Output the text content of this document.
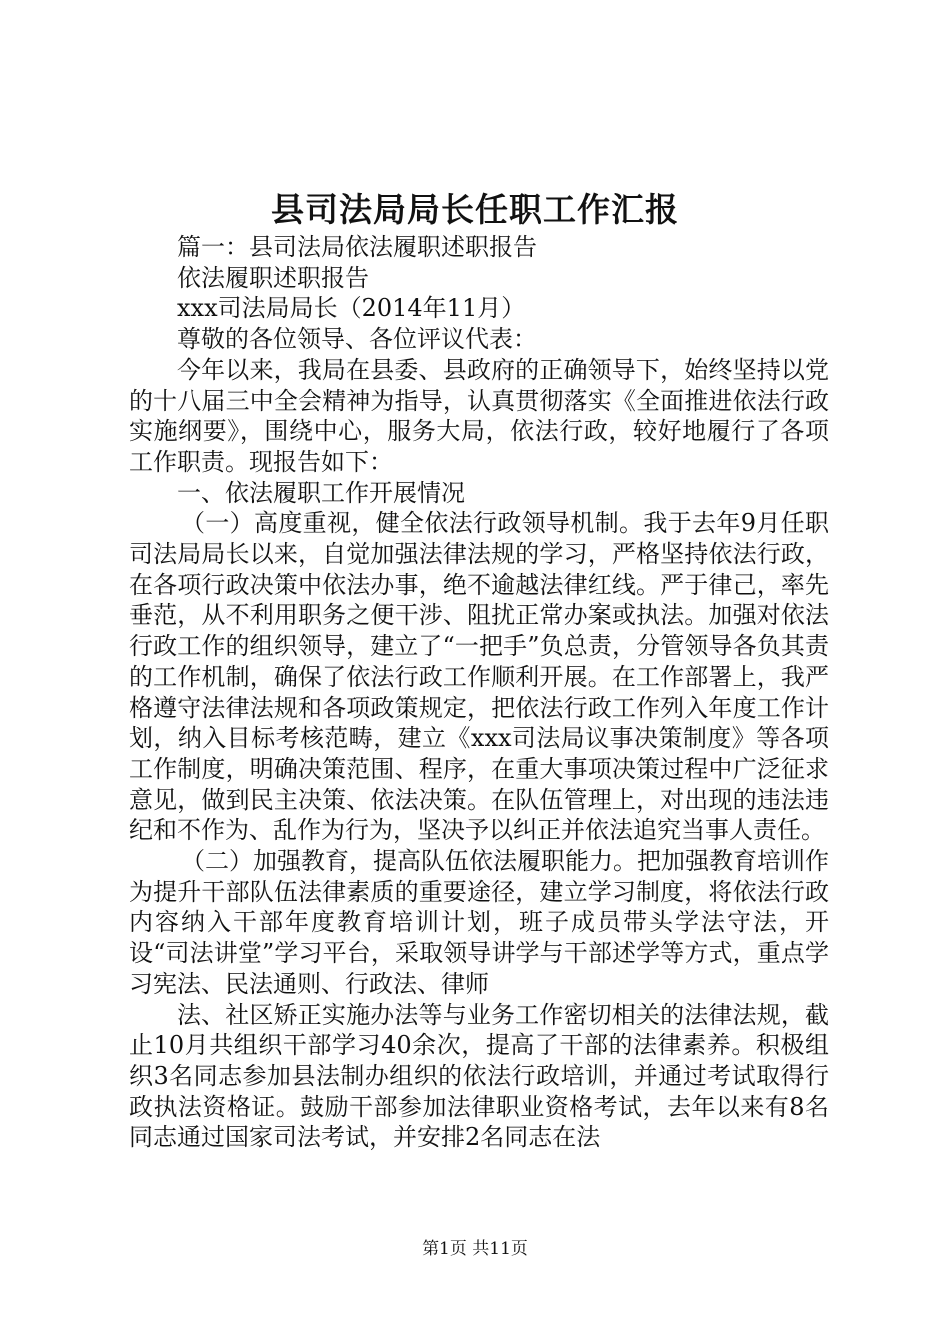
县司法局局长任职工作汇报

篇一：县司法局依法履职述职报告

依法履职述职报告

xxx司法局局长（2014年11月）

尊敬的各位领导、各位评议代表：

今年以来，我局在县委、县政府的正确领导下，始终坚持以党的十八届三中全会精神为指导，认真贯彻落实《全面推进依法行政实施纲要》，围绕中心，服务大局，依法行政，较好地履行了各项工作职责。现报告如下：

一、依法履职工作开展情况

（一）高度重视，健全依法行政领导机制。我于去年9月任职司法局局长以来，自觉加强法律法规的学习，严格坚持依法行政，在各项行政决策中依法办事，绝不逾越法律红线。严于律己，率先垂范，从不利用职务之便干涉、阻扰正常办案或执法。加强对依法行政工作的组织领导，建立了“一把手”负总责，分管领导各负其责的工作机制，确保了依法行政工作顺利开展。在工作部署上，我严格遵守法律法规和各项政策规定，把依法行政工作列入年度工作计划，纳入目标考核范畴，建立《xxx司法局议事决策制度》等各项工作制度，明确决策范围、程序，在重大事项决策过程中广泛征求意见，做到民主决策、依法决策。在队伍管理上，对出现的违法违纪和不作为、乱作为行为，坚决予以纠正并依法追究当事人责任。

（二）加强教育，提高队伍依法履职能力。把加强教育培训作为提升干部队伍法律素质的重要途径，建立学习制度，将依法行政内容纳入干部年度教育培训计划，班子成员带头学法守法，开设“司法讲堂”学习平台，采取领导讲学与干部述学等方式，重点学习宪法、民法通则、行政法、律师

法、社区矫正实施办法等与业务工作密切相关的法律法规，截止10月共组织干部学习40余次，提高了干部的法律素养。积极组织3名同志参加县法制办组织的依法行政培训，并通过考试取得行政执法资格证。鼓励干部参加法律职业资格考试，去年以来有8名同志通过国家司法考试，并安排2名同志在法

第1页 共11页
